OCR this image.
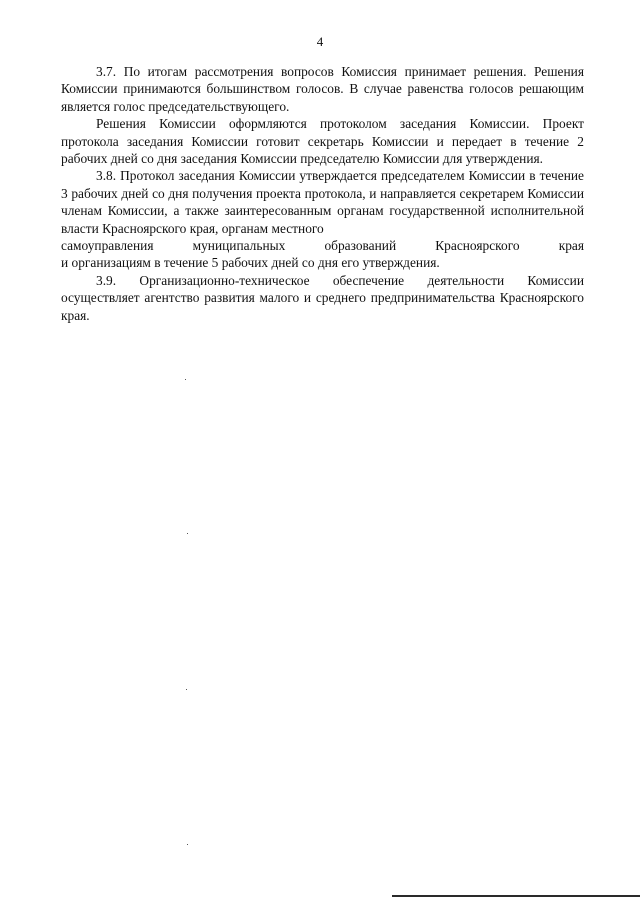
4

3.7. По итогам рассмотрения вопросов Комиссия принимает решения. Решения Комиссии принимаются большинством голосов. В случае равенства голосов решающим является голос председательствующего.

Решения Комиссии оформляются протоколом заседания Комиссии. Проект протокола заседания Комиссии готовит секретарь Комиссии и передает в течение 2 рабочих дней со дня заседания Комиссии председателю Комиссии для утверждения.

3.8. Протокол заседания Комиссии утверждается председателем Комиссии в течение 3 рабочих дней со дня получения проекта протокола, и направляется секретарем Комиссии членам Комиссии, а также заинтересованным органам государственной исполнительной власти Красноярского края, органам местного
самоуправления муниципальных образований Красноярского края
и организациям в течение 5 рабочих дней со дня его утверждения.

3.9. Организационно-техническое обеспечение деятельности Комиссии осуществляет агентство развития малого и среднего предпринимательства Красноярского края.
